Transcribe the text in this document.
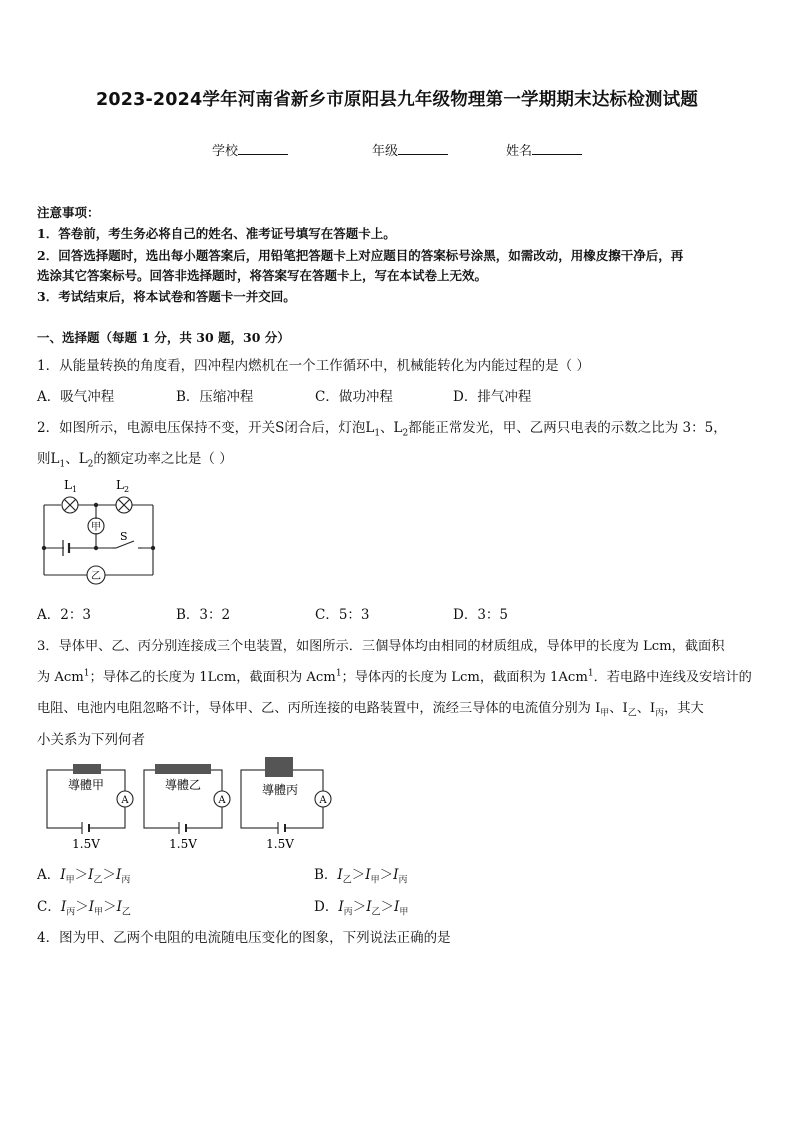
2023-2024学年河南省新乡市原阳县九年级物理第一学期期末达标检测试题
学校	年级	姓名
注意事项：
1．答卷前，考生务必将自己的姓名、准考证号填写在答题卡上。
2．回答选择题时，选出每小题答案后，用铅笔把答题卡上对应题目的答案标号涂黑，如需改动，用橡皮擦干净后，再
选涂其它答案标号。回答非选择题时，将答案写在答题卡上，写在本试卷上无效。
3．考试结束后，将本试卷和答题卡一并交回。
一、选择题（每题 1 分，共 30 题，30 分）
1．从能量转换的角度看，四冲程内燃机在一个工作循环中，机械能转化为内能过程的是（ ）
A．吸气冲程	B．压缩冲程	C．做功冲程	D．排气冲程
2．如图所示，电源电压保持不变，开关S闭合后，灯泡$L_1$、$L_2$都能正常发光，甲、乙两只电表的示数之比为 3：5，
则$L_1$、$L_2$的额定功率之比是（ ）
$L_1$	$L_2$
甲
乙
S
A．2：3	B．3：2	C．5：3	D．3：5
3．导体甲、乙、丙分别连接成三个电装置，如图所示．三個导体均由相同的材质组成，导体甲的长度为 Lcm，截面积
为 Acm$^1$；导体乙的长度为 1Lcm，截面积为 Acm$^1$；导体丙的长度为 Lcm，截面积为 1Acm$^1$．若电路中连线及安培计的
电阻、电池内电阻忽略不计，导体甲、乙、丙所连接的电路装置中，流经三导体的电流值分别为 $I_甲$、$I_乙$、$I_丙$，其大
小关系为下列何者
導體甲	導體乙	導體丙
A	A	A
1.5V	1.5V	1.5V
A．$I_甲>I_乙>I_丙$	B．$I_乙>I_甲>I_丙$
C．$I_丙>I_甲>I_乙$	D．$I_丙>I_乙>I_甲$
4．图为甲、乙两个电阻的电流随电压变化的图象，下列说法正确的是
